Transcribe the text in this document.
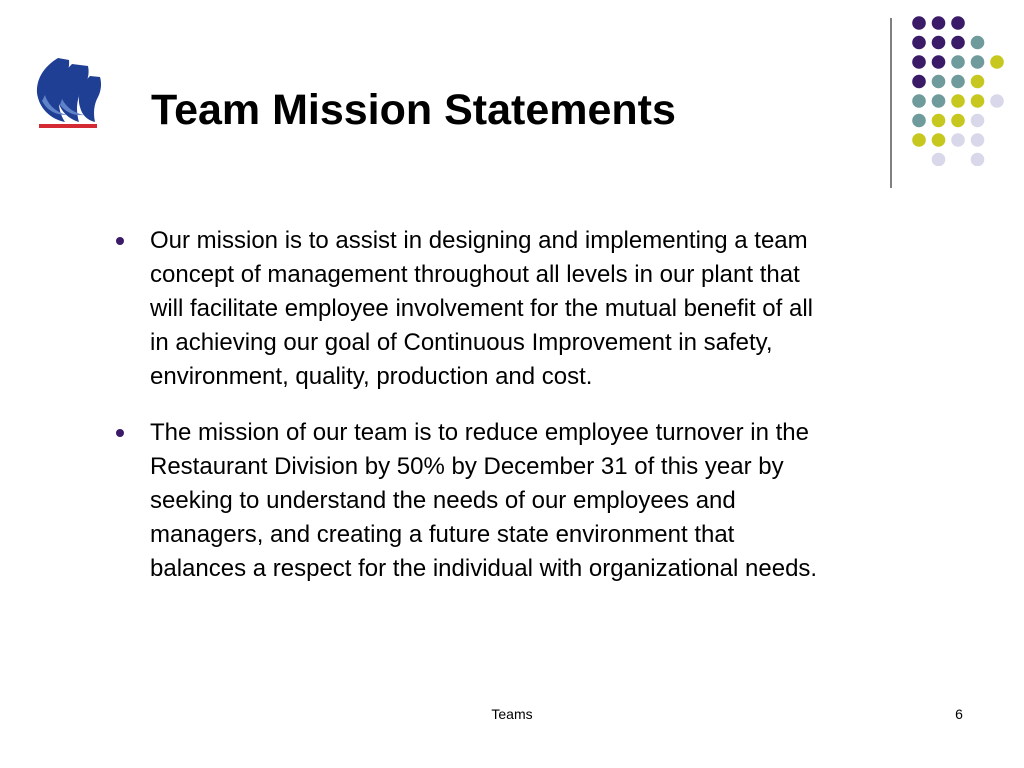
Team Mission Statements
Our mission is to assist in designing and implementing a team concept of management throughout all levels in our plant that will facilitate employee involvement for the mutual benefit of all in achieving our goal of Continuous Improvement in safety, environment, quality, production and cost.
The mission of our team is to reduce employee turnover in the Restaurant Division by 50% by December 31 of this year by seeking to understand the needs of our employees and managers, and creating a future state environment that balances a respect for the individual with organizational needs.
Teams	6
